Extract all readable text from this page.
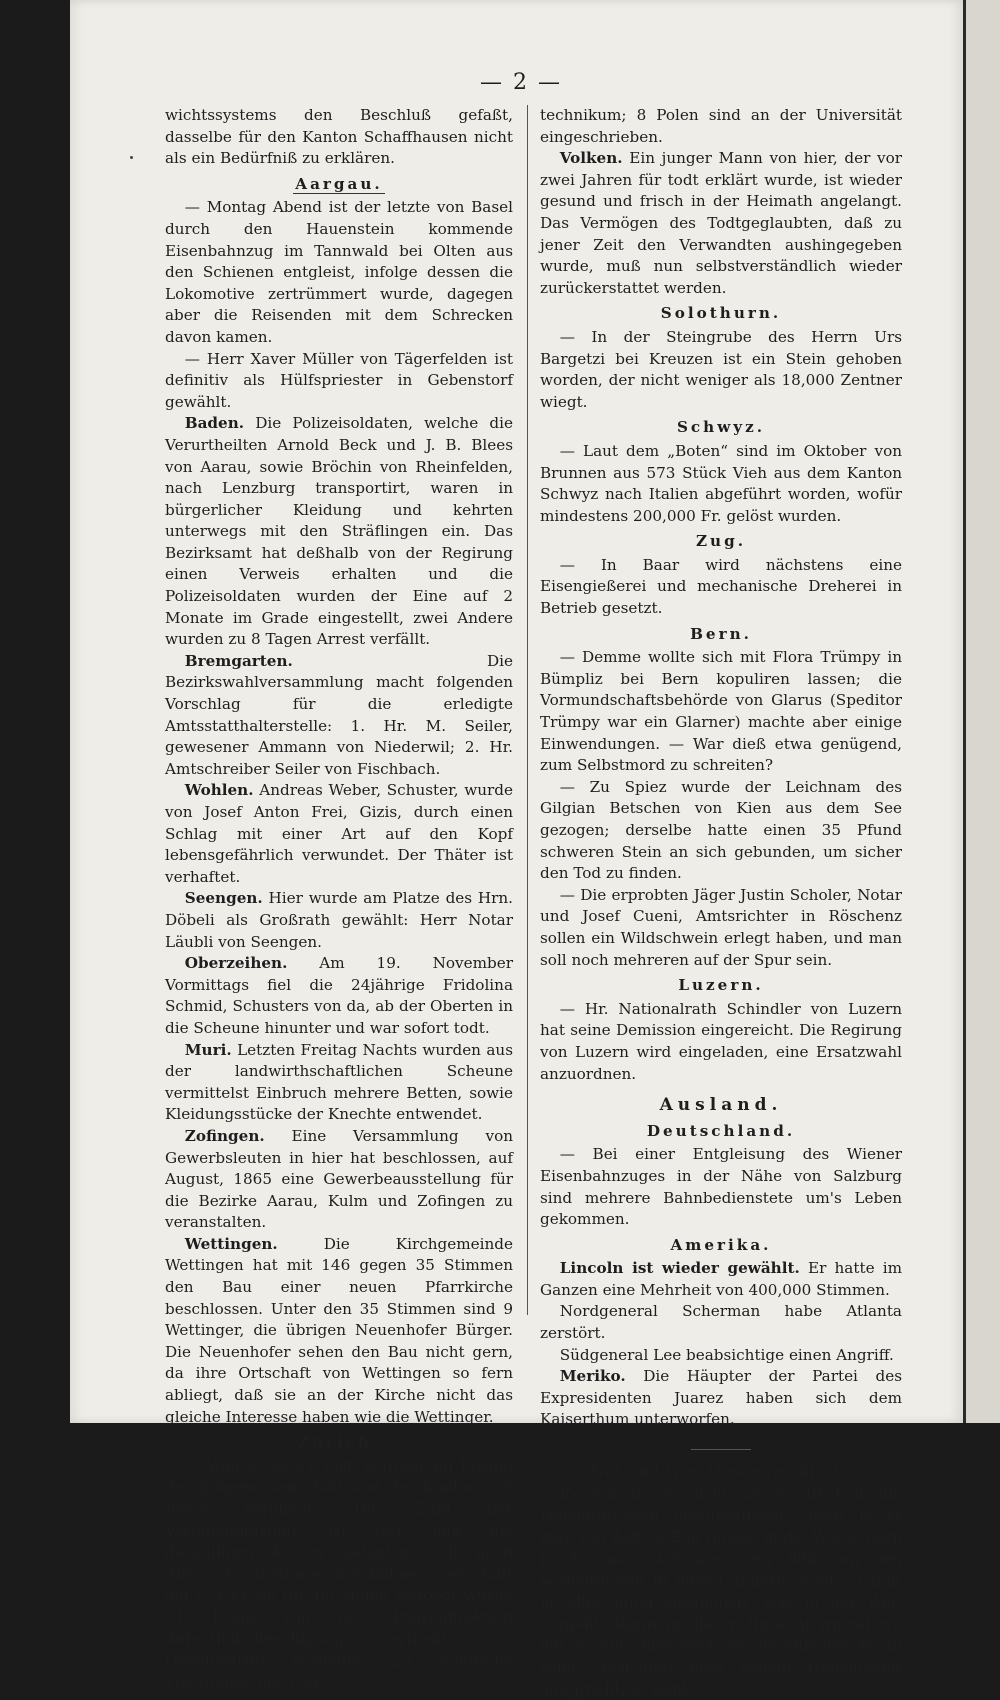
— 2 —

wichtssystems den Beschluß gefaßt, dasselbe für den Kanton Schaffhausen nicht als ein Bedürfniß zu erklären.

Aargau.

— Montag Abend ist der letzte von Basel durch den Hauenstein kommende Eisenbahnzug im Tannwald bei Olten aus den Schienen entgleist, infolge dessen die Lokomotive zertrümmert wurde, dagegen aber die Reisenden mit dem Schrecken davon kamen.

— Herr Xaver Müller von Tägerfelden ist definitiv als Hülfspriester in Gebenstorf gewählt.

Baden. Die Polizeisoldaten, welche die Verurtheilten Arnold Beck und J. B. Blees von Aarau, sowie Bröchin von Rheinfelden, nach Lenzburg transportirt, waren in bürgerlicher Kleidung und kehrten unterwegs mit den Sträflingen ein. Das Bezirksamt hat deßhalb von der Regirung einen Verweis erhalten und die Polizeisoldaten wurden der Eine auf 2 Monate im Grade eingestellt, zwei Andere wurden zu 8 Tagen Arrest verfällt.

Bremgarten.	Die Bezirkswahlversammlung macht folgenden Vorschlag für die erledigte Amtsstatthalterstelle: 1. Hr. M. Seiler, gewesener Ammann von Niederwil; 2. Hr. Amtschreiber Seiler von Fischbach.

Wohlen. Andreas Weber, Schuster, wurde von Josef Anton Frei, Gizis, durch einen Schlag mit einer Art auf den Kopf lebensgefährlich verwundet. Der Thäter ist verhaftet.

Seengen. Hier wurde am Platze des Hrn. Döbeli als Großrath gewählt: Herr Notar Läubli von Seengen.

Oberzeihen. Am 19. November Vormittags fiel die 24jährige Fridolina Schmid, Schusters von da, ab der Oberten in die Scheune hinunter und war sofort todt.

Muri. Letzten Freitag Nachts wurden aus der landwirthschaftlichen Scheune vermittelst Einbruch mehrere Betten, sowie Kleidungsstücke der Knechte entwendet.

Zofingen. Eine Versammlung von Gewerbsleuten in hier hat beschlossen, auf August, 1865 eine Gewerbeausstellung für die Bezirke Aarau, Kulm und Zofingen zu veranstalten.

Wettingen.	Die Kirchgemeinde Wettingen hat mit 146 gegen 35 Stimmen den Bau einer neuen Pfarrkirche beschlossen. Unter den 35 Stimmen sind 9 Wettinger, die übrigen Neuenhofer Bürger. Die Neuenhofer sehen den Bau nicht gern, da ihre Ortschaft von Wettingen so fern abliegt, daß sie an der Kirche nicht das gleiche Interesse haben wie die Wettinger.

Zürich.

— Vom 8. bis 31. Okt. wurden auf Kosten der Eidgenossenschaft und des Kantons 55 Polen verpflegt. Die Zahl der Verpflegungstage ist 691 und die diesfälligen Kosten belaufen sich nach Abzug des Beitrages der Eidgenossenschaft auf 621 Fr. 90 Rp. Im Monat Oktober wurde 41 Polen von der Polizeidirektion Aufenthaltsbewilligung ertheilt. — Gegenwärtig besuchen 23 polnische Flüchtlinge das Poly-

technikum; 8 Polen sind an der Universität eingeschrieben.

Volken. Ein junger Mann von hier, der vor zwei Jahren für todt erklärt wurde, ist wieder gesund und frisch in der Heimath angelangt. Das Vermögen des Todtgeglaubten, daß zu jener Zeit den Verwandten aushingegeben wurde, muß nun selbstverständlich wieder zurückerstattet werden.

Solothurn.

— In der Steingrube des Herrn Urs Bargetzi bei Kreuzen ist ein Stein gehoben worden, der nicht weniger als 18,000 Zentner wiegt.

Schwyz.

— Laut dem „Boten“ sind im Oktober von Brunnen aus 573 Stück Vieh aus dem Kanton Schwyz nach Italien abgeführt worden, wofür mindestens 200,000 Fr. gelöst wurden.

Zug.

— In Baar wird nächstens eine Eisengießerei und mechanische Dreherei in Betrieb gesetzt.

Bern.

— Demme wollte sich mit Flora Trümpy in Bümpliz bei Bern kopuliren lassen; die Vormundschaftsbehörde von Glarus (Speditor Trümpy war ein Glarner) machte aber einige Einwendungen. — War dieß etwa genügend, zum Selbstmord zu schreiten?

— Zu Spiez wurde der Leichnam des Gilgian Betschen von Kien aus dem See gezogen; derselbe hatte einen 35 Pfund schweren Stein an sich gebunden, um sicher den Tod zu finden.

— Die erprobten Jäger Justin Scholer, Notar und Josef Cueni, Amtsrichter in Röschenz sollen ein Wildschwein erlegt haben, und man soll noch mehreren auf der Spur sein.

Luzern.

— Hr. Nationalrath Schindler von Luzern hat seine Demission eingereicht. Die Regirung von Luzern wird eingeladen, eine Ersatzwahl anzuordnen.

Ausland.
Deutschland.

— Bei einer Entgleisung des Wiener Eisenbahnzuges in der Nähe von Salzburg sind mehrere Bahnbedienstete um's Leben gekommen.

Amerika.

Lincoln ist wieder gewählt. Er hatte im Ganzen eine Mehrheit von 400,000 Stimmen.

Nordgeneral Scherman habe Atlanta zerstört.

Südgeneral Lee beabsichtige einen Angriff.

Meriko. Die Häupter der Partei des Expresidenten Juarez haben sich dem Kaiserthum unterworfen.

Gut und treu Oesterreichisch.

Es genügt uns nicht, unsern Blick in die Heimatgrenzen einzuschließen; gern blickt man von Zeit zu Zeit hinaus in die Weite; gern macht man sich auch ein Bild von den Verhältnissen in einem andern Staate; hängt ja Alles innig zusammen, was in der Welt vorgeht. Wenn in dieser Hinsicht irgend wo ein so entschlossener als besonnener Mann seine Ansichten über seinen Heimatstaat ausspricht, so dünkt
